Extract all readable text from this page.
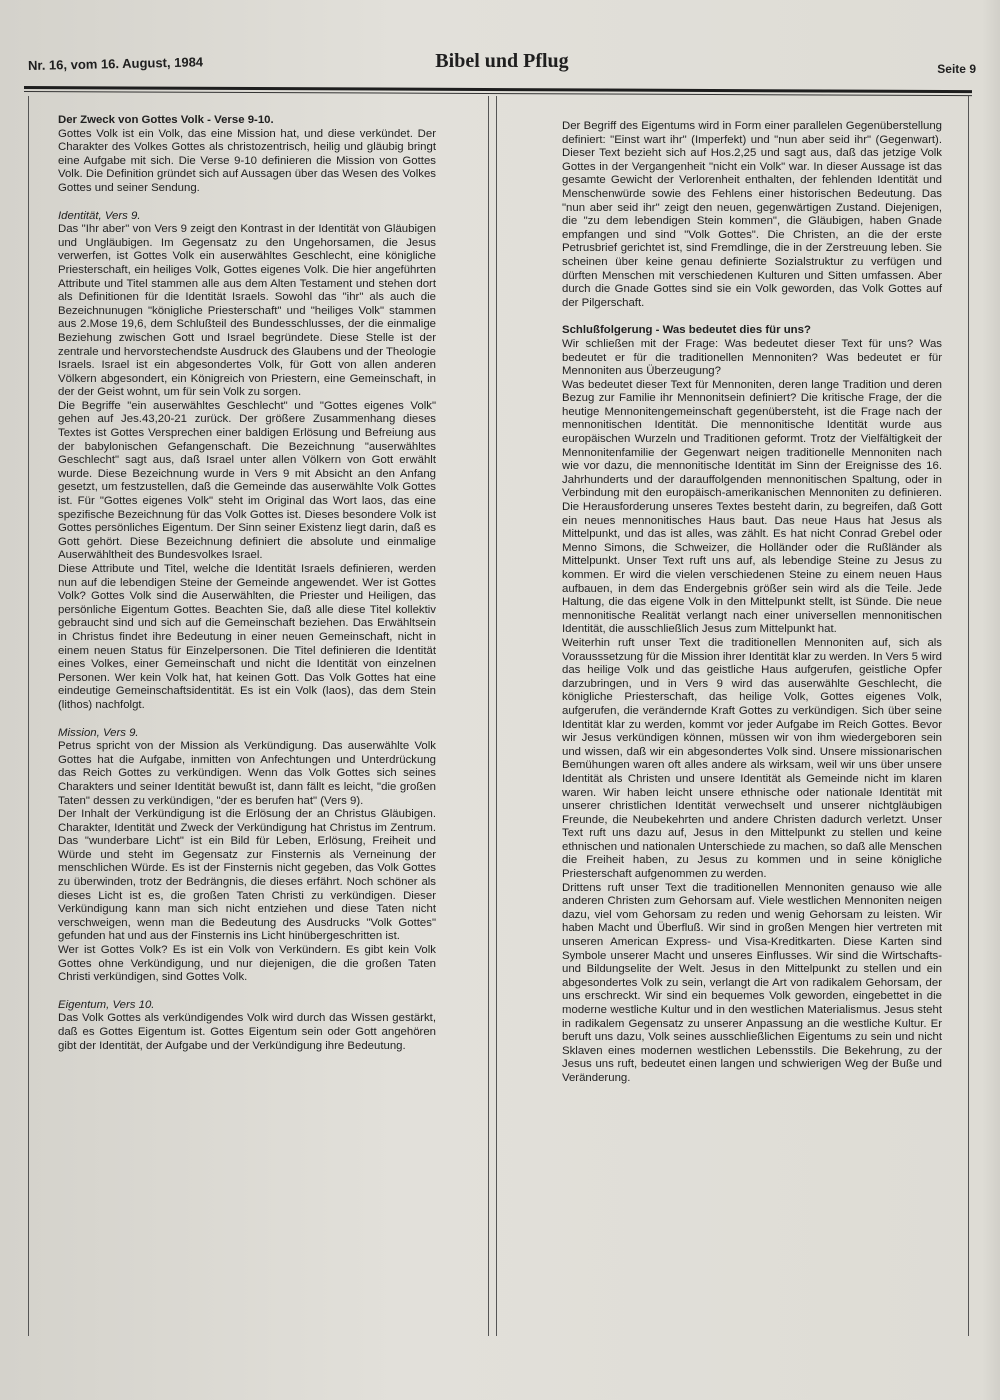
Nr. 16, vom 16. August, 1984	Bibel und Pflug	Seite 9

Der Zweck von Gottes Volk - Verse 9-10.

Gottes Volk ist ein Volk, das eine Mission hat, und diese verkündet. Der Charakter des Volkes Gottes als christozentrisch, heilig und gläubig bringt eine Aufgabe mit sich. Die Verse 9-10 definieren die Mission von Gottes Volk. Die Definition gründet sich auf Aussagen über das Wesen des Volkes Gottes und seiner Sendung.

Identität, Vers 9.

Das "Ihr aber" von Vers 9 zeigt den Kontrast in der Identität von Gläubigen und Ungläubigen. Im Gegensatz zu den Ungehorsamen, die Jesus verwerfen, ist Gottes Volk ein auserwähltes Geschlecht, eine königliche Priesterschaft, ein heiliges Volk, Gottes eigenes Volk. Die hier angeführten Attribute und Titel stammen alle aus dem Alten Testament und stehen dort als Definitionen für die Identität Israels. Sowohl das "ihr" als auch die Bezeichnunugen "königliche Priesterschaft" und "heiliges Volk" stammen aus 2.Mose 19,6, dem Schlußteil des Bundesschlusses, der die einmalige Beziehung zwischen Gott und Israel begründete. Diese Stelle ist der zentrale und hervorstechendste Ausdruck des Glaubens und der Theologie Israels. Israel ist ein abgesondertes Volk, für Gott von allen anderen Völkern abgesondert, ein Königreich von Priestern, eine Gemeinschaft, in der der Geist wohnt, um für sein Volk zu sorgen.

Die Begriffe "ein auserwähltes Geschlecht" und "Gottes eigenes Volk" gehen auf Jes.43,20-21 zurück. Der größere Zusammenhang dieses Textes ist Gottes Versprechen einer baldigen Erlösung und Befreiung aus der babylonischen Gefangenschaft. Die Bezeichnung "auserwähltes Geschlecht" sagt aus, daß Israel unter allen Völkern von Gott erwählt wurde. Diese Bezeichnung wurde in Vers 9 mit Absicht an den Anfang gesetzt, um festzustellen, daß die Gemeinde das auserwählte Volk Gottes ist. Für "Gottes eigenes Volk" steht im Original das Wort laos, das eine spezifische Bezeichnung für das Volk Gottes ist. Dieses besondere Volk ist Gottes persönliches Eigentum. Der Sinn seiner Existenz liegt darin, daß es Gott gehört. Diese Bezeichnung definiert die absolute und einmalige Auserwähltheit des Bundesvolkes Israel.

Diese Attribute und Titel, welche die Identität Israels definieren, werden nun auf die lebendigen Steine der Gemeinde angewendet. Wer ist Gottes Volk? Gottes Volk sind die Auserwählten, die Priester und Heiligen, das persönliche Eigentum Gottes. Beachten Sie, daß alle diese Titel kollektiv gebraucht sind und sich auf die Gemeinschaft beziehen. Das Erwähltsein in Christus findet ihre Bedeutung in einer neuen Gemeinschaft, nicht in einem neuen Status für Einzelpersonen. Die Titel definieren die Identität eines Volkes, einer Gemeinschaft und nicht die Identität von einzelnen Personen. Wer kein Volk hat, hat keinen Gott. Das Volk Gottes hat eine eindeutige Gemeinschaftsidentität. Es ist ein Volk (laos), das dem Stein (lithos) nachfolgt.

Mission, Vers 9.

Petrus spricht von der Mission als Verkündigung. Das auserwählte Volk Gottes hat die Aufgabe, inmitten von Anfechtungen und Unterdrückung das Reich Gottes zu verkündigen. Wenn das Volk Gottes sich seines Charakters und seiner Identität bewußt ist, dann fällt es leicht, "die großen Taten" dessen zu verkündigen, "der es berufen hat" (Vers 9).

Der Inhalt der Verkündigung ist die Erlösung der an Christus Gläubigen. Charakter, Identität und Zweck der Verkündigung hat Christus im Zentrum. Das "wunderbare Licht" ist ein Bild für Leben, Erlösung, Freiheit und Würde und steht im Gegensatz zur Finsternis als Verneinung der menschlichen Würde. Es ist der Finsternis nicht gegeben, das Volk Gottes zu überwinden, trotz der Bedrängnis, die dieses erfährt. Noch schöner als dieses Licht ist es, die großen Taten Christi zu verkündigen. Dieser Verkündigung kann man sich nicht entziehen und diese Taten nicht verschweigen, wenn man die Bedeutung des Ausdrucks "Volk Gottes" gefunden hat und aus der Finsternis ins Licht hinübergeschritten ist.

Wer ist Gottes Volk? Es ist ein Volk von Verkündern. Es gibt kein Volk Gottes ohne Verkündigung, und nur diejenigen, die die großen Taten Christi verkündigen, sind Gottes Volk.

Eigentum, Vers 10.

Das Volk Gottes als verkündigendes Volk wird durch das Wissen gestärkt, daß es Gottes Eigentum ist. Gottes Eigentum sein oder Gott angehören gibt der Identität, der Aufgabe und der Verkündigung ihre Bedeutung.

Der Begriff des Eigentums wird in Form einer parallelen Gegenüberstellung definiert: "Einst wart ihr" (Imperfekt) und "nun aber seid ihr" (Gegenwart). Dieser Text bezieht sich auf Hos.2,25 und sagt aus, daß das jetzige Volk Gottes in der Vergangenheit "nicht ein Volk" war. In dieser Aussage ist das gesamte Gewicht der Verlorenheit enthalten, der fehlenden Identität und Menschenwürde sowie des Fehlens einer historischen Bedeutung. Das "nun aber seid ihr" zeigt den neuen, gegenwärtigen Zustand. Diejenigen, die "zu dem lebendigen Stein kommen", die Gläubigen, haben Gnade empfangen und sind "Volk Gottes". Die Christen, an die der erste Petrusbrief gerichtet ist, sind Fremdlinge, die in der Zerstreuung leben. Sie scheinen über keine genau definierte Sozialstruktur zu verfügen und dürften Menschen mit verschiedenen Kulturen und Sitten umfassen. Aber durch die Gnade Gottes sind sie ein Volk geworden, das Volk Gottes auf der Pilgerschaft.

Schlußfolgerung - Was bedeutet dies für uns?

Wir schließen mit der Frage: Was bedeutet dieser Text für uns? Was bedeutet er für die traditionellen Mennoniten? Was bedeutet er für Mennoniten aus Überzeugung?

Was bedeutet dieser Text für Mennoniten, deren lange Tradition und deren Bezug zur Familie ihr Mennonitsein definiert? Die kritische Frage, der die heutige Mennonitengemeinschaft gegenübersteht, ist die Frage nach der mennonitischen Identität. Die mennonitische Identität wurde aus europäischen Wurzeln und Traditionen geformt. Trotz der Vielfältigkeit der Mennonitenfamilie der Gegenwart neigen traditionelle Mennoniten nach wie vor dazu, die mennonitische Identität im Sinn der Ereignisse des 16. Jahrhunderts und der darauffolgenden mennonitischen Spaltung, oder in Verbindung mit den europäisch-amerikanischen Mennoniten zu definieren. Die Herausforderung unseres Textes besteht darin, zu begreifen, daß Gott ein neues mennonitisches Haus baut. Das neue Haus hat Jesus als Mittelpunkt, und das ist alles, was zählt. Es hat nicht Conrad Grebel oder Menno Simons, die Schweizer, die Holländer oder die Rußländer als Mittelpunkt. Unser Text ruft uns auf, als lebendige Steine zu Jesus zu kommen. Er wird die vielen verschiedenen Steine zu einem neuen Haus aufbauen, in dem das Endergebnis größer sein wird als die Teile. Jede Haltung, die das eigene Volk in den Mittelpunkt stellt, ist Sünde. Die neue mennonitische Realität verlangt nach einer universellen mennonitischen Identität, die ausschließlich Jesus zum Mittelpunkt hat.

Weiterhin ruft unser Text die traditionellen Mennoniten auf, sich als Vorausssetzung für die Mission ihrer Identität klar zu werden. In Vers 5 wird das heilige Volk und das geistliche Haus aufgerufen, geistliche Opfer darzubringen, und in Vers 9 wird das auserwählte Geschlecht, die königliche Priesterschaft, das heilige Volk, Gottes eigenes Volk, aufgerufen, die verändernde Kraft Gottes zu verkündigen. Sich über seine Identität klar zu werden, kommt vor jeder Aufgabe im Reich Gottes. Bevor wir Jesus verkündigen können, müssen wir von ihm wiedergeboren sein und wissen, daß wir ein abgesondertes Volk sind. Unsere missionarischen Bemühungen waren oft alles andere als wirksam, weil wir uns über unsere Identität als Christen und unsere Identität als Gemeinde nicht im klaren waren. Wir haben leicht unsere ethnische oder nationale Identität mit unserer christlichen Identität verwechselt und unserer nichtgläubigen Freunde, die Neubekehrten und andere Christen dadurch verletzt. Unser Text ruft uns dazu auf, Jesus in den Mittelpunkt zu stellen und keine ethnischen und nationalen Unterschiede zu machen, so daß alle Menschen die Freiheit haben, zu Jesus zu kommen und in seine königliche Priesterschaft aufgenommen zu werden.

Drittens ruft unser Text die traditionellen Mennoniten genauso wie alle anderen Christen zum Gehorsam auf. Viele westlichen Mennoniten neigen dazu, viel vom Gehorsam zu reden und wenig Gehorsam zu leisten. Wir haben Macht und Überfluß. Wir sind in großen Mengen hier vertreten mit unseren American Express- und Visa-Kreditkarten. Diese Karten sind Symbole unserer Macht und unseres Einflusses. Wir sind die Wirtschafts- und Bildungselite der Welt. Jesus in den Mittelpunkt zu stellen und ein abgesondertes Volk zu sein, verlangt die Art von radikalem Gehorsam, der uns erschreckt. Wir sind ein bequemes Volk geworden, eingebettet in die moderne westliche Kultur und in den westlichen Materialismus. Jesus steht in radikalem Gegensatz zu unserer Anpassung an die westliche Kultur. Er beruft uns dazu, Volk seines ausschließlichen Eigentums zu sein und nicht Sklaven eines modernen westlichen Lebensstils. Die Bekehrung, zu der Jesus uns ruft, bedeutet einen langen und schwierigen Weg der Buße und Veränderung.
